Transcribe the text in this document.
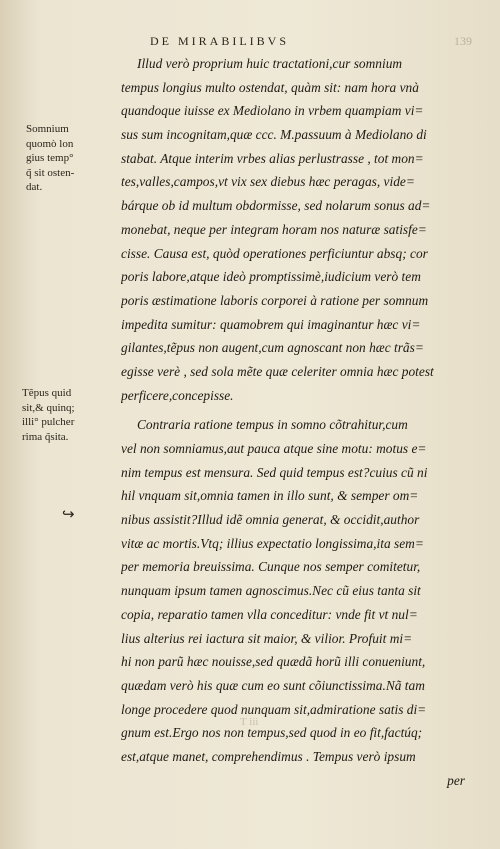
DE MIRABILIBVS	139
Somnium
quomò lon
gius temp°
q̃ sit osten-
dat.
Tẽpus quid
sit,& quinq;
illi° pulcher
rima q̃sita.
↪
T iii
Illud verò proprium huic tractationi,cur somnium
tempus longius multo ostendat, quàm sit: nam hora vnà
quandoque iuisse ex Mediolano in vrbem quampiam vi=
sus sum incognitam,quæ ccc. M.passuum à Mediolano di
stabat. Atque interim vrbes alias perlustrasse , tot mon=
tes,valles,campos,vt vix sex diebus hæc peragas, vide=
bárque ob id multum obdormisse, sed nolarum sonus ad=
monebat, neque per integram horam nos naturæ satisfe=
cisse. Causa est, quòd operationes perficiuntur absq; cor
poris labore,atque ideò promptissimè,iudicium verò tem
poris æstimatione laboris corporei à ratione per somnum
impedita sumitur: quamobrem qui imaginantur hæc vi=
gilantes,tẽpus non augent,cum agnoscant non hæc trãs=
egisse verè , sed sola mẽte quæ celeriter omnia hæc potest
perficere,concepisse.
Contraria ratione tempus in somno cõtrahitur,cum
vel non somniamus,aut pauca atque sine motu: motus e=
nim tempus est mensura. Sed quid tempus est?cuius cũ ni
hil vnquam sit,omnia tamen in illo sunt, & semper om=
nibus assistit?Illud idẽ omnia generat, & occidit,author
vitæ ac mortis.Vtq; illius expectatio longissima,ita sem=
per memoria breuissima. Cunque nos semper comitetur,
nunquam ipsum tamen agnoscimus.Nec cũ eius tanta sit
copia, reparatio tamen vlla conceditur: vnde fit vt nul=
lius alterius rei iactura sit maior, & vilior. Profuit mi=
hi non parũ hæc nouisse,sed quædã horũ illi conueniunt,
quædam verò his quæ cum eo sunt cõiunctissima.Nã tam
longe procedere quod nunquam sit,admiratione satis di=
gnum est.Ergo nos non tempus,sed quod in eo fit,factúq;
est,atque manet, comprehendimus . Tempus verò ipsum
per
